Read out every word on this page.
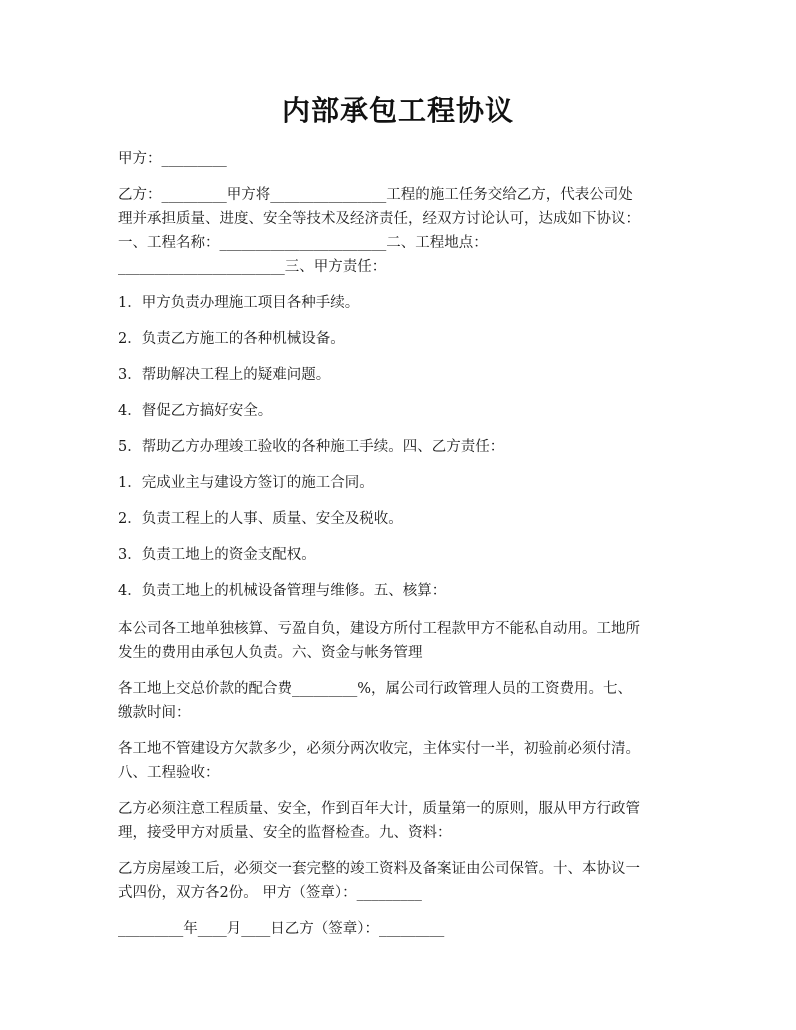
内部承包工程协议
甲方：_________
乙方：_________甲方将________________工程的施工任务交给乙方，代表公司处
理并承担质量、进度、安全等技术及经济责任，经双方讨论认可，达成如下协议：
一、工程名称：_______________________二、工程地点：
_______________________三、甲方责任：
1．甲方负责办理施工项目各种手续。
2．负责乙方施工的各种机械设备。
3．帮助解决工程上的疑难问题。
4．督促乙方搞好安全。
5．帮助乙方办理竣工验收的各种施工手续。四、乙方责任：
1．完成业主与建设方签订的施工合同。
2．负责工程上的人事、质量、安全及税收。
3．负责工地上的资金支配权。
4．负责工地上的机械设备管理与维修。五、核算：
本公司各工地单独核算、亏盈自负，建设方所付工程款甲方不能私自动用。工地所
发生的费用由承包人负责。六、资金与帐务管理
各工地上交总价款的配合费_________%，属公司行政管理人员的工资费用。七、
缴款时间：
各工地不管建设方欠款多少，必须分两次收完，主体实付一半，初验前必须付清。
八、工程验收：
乙方必须注意工程质量、安全，作到百年大计，质量第一的原则，服从甲方行政管
理，接受甲方对质量、安全的监督检查。九、资料：
乙方房屋竣工后，必须交一套完整的竣工资料及备案证由公司保管。十、本协议一
式四份，双方各2份。 甲方（签章）：_________
_________年____月____日乙方（签章）：_________
